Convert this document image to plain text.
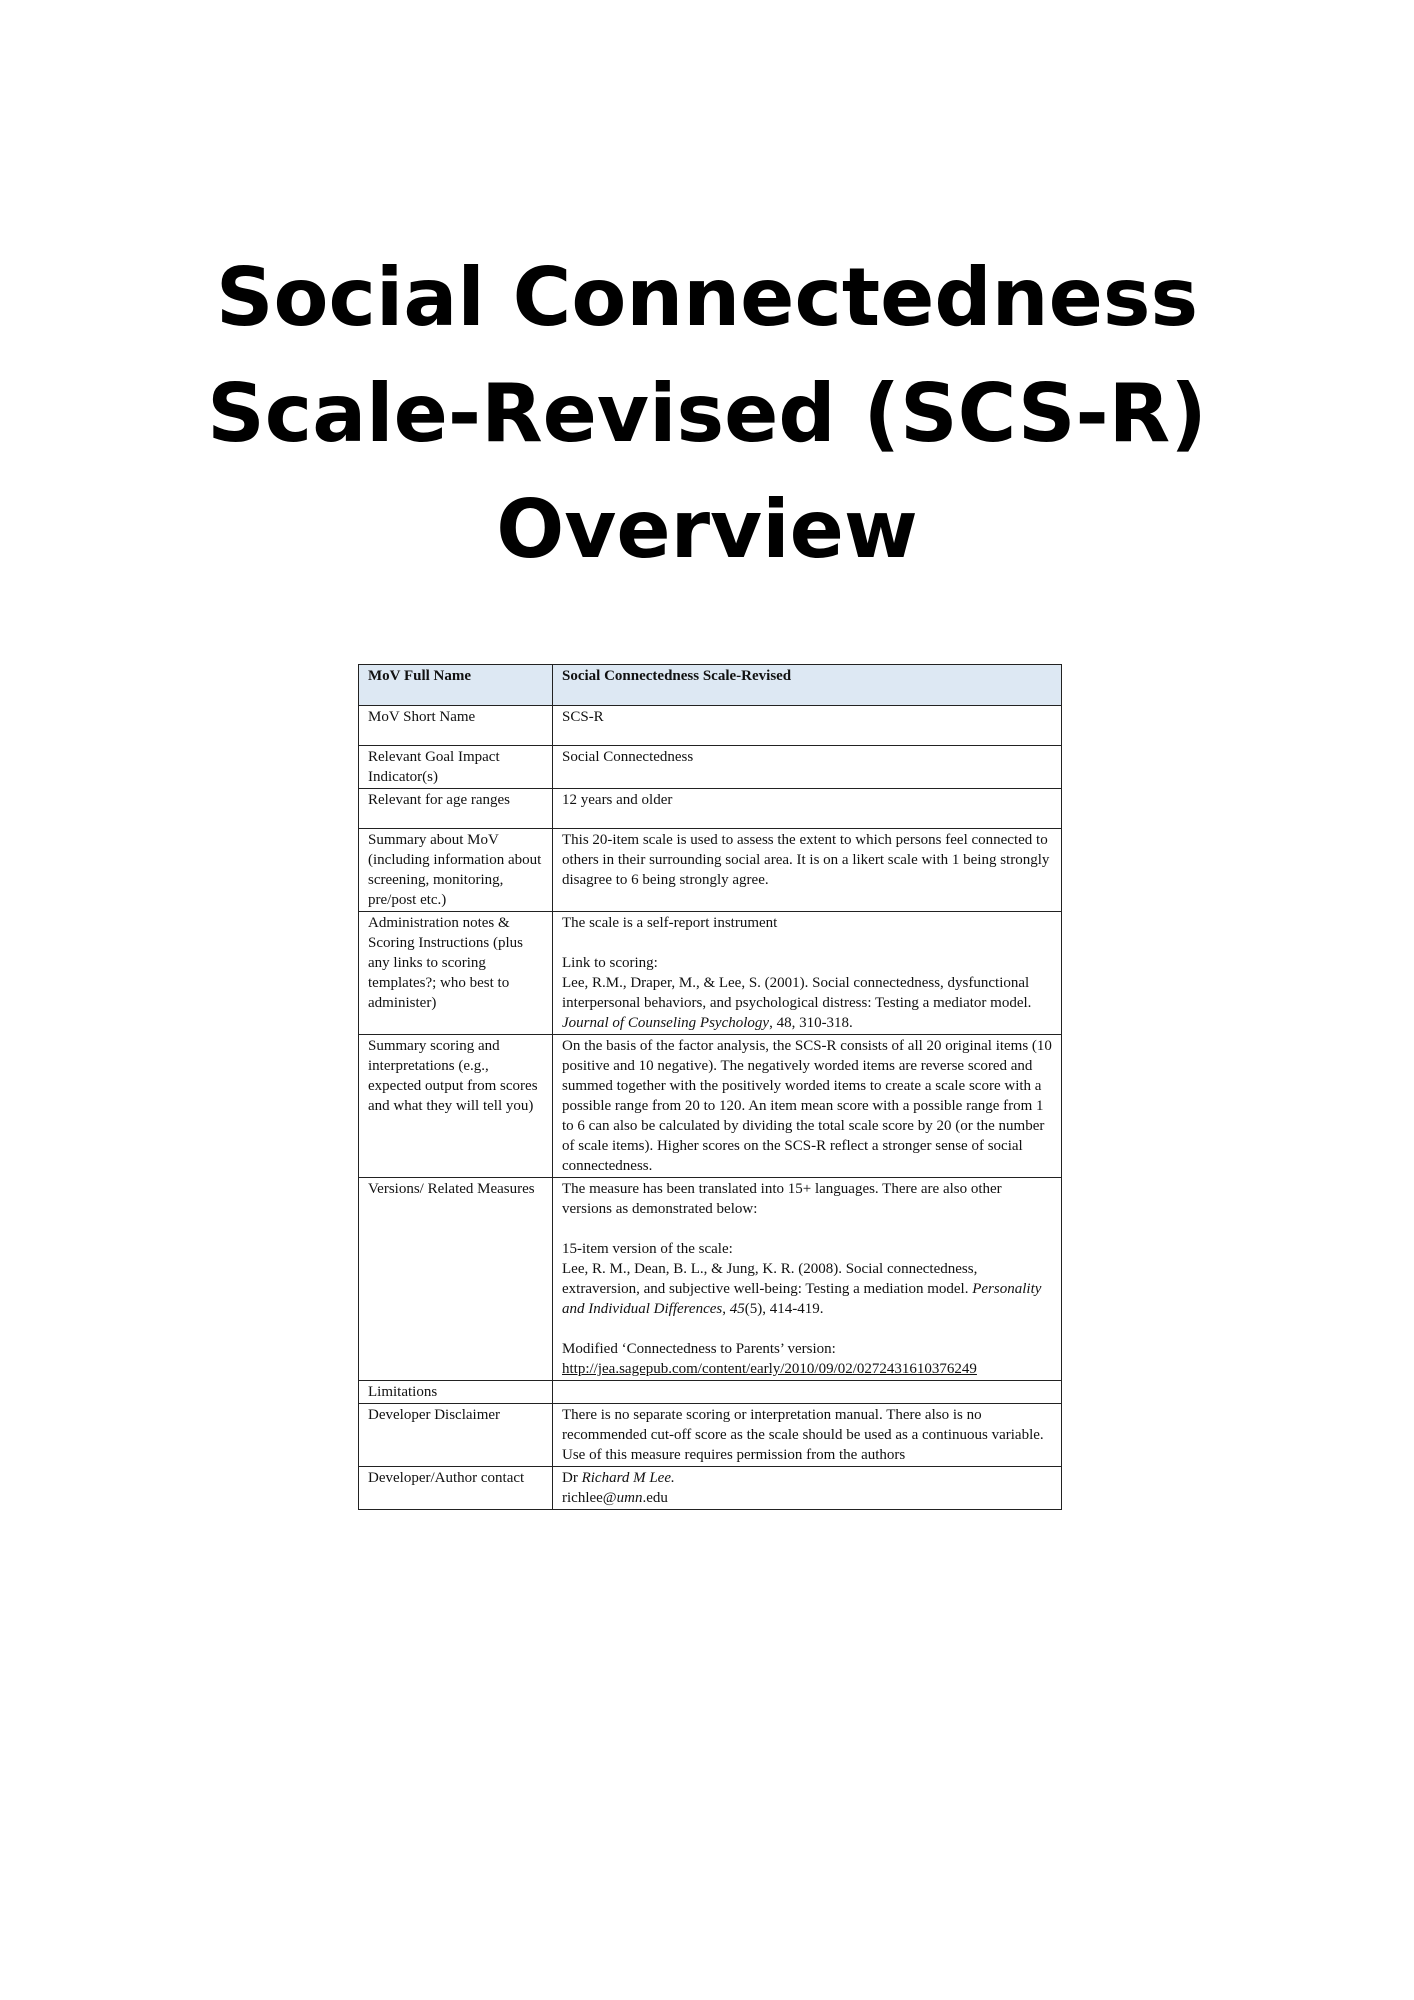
Social Connectedness
Scale-Revised (SCS-R)
Overview
MoV Full Name	Social Connectedness Scale-Revised
MoV Short Name	SCS-R
Relevant Goal Impact Indicator(s)	Social Connectedness
Relevant for age ranges	12 years and older
Summary about MoV (including information about screening, monitoring, pre/post etc.)	This 20-item scale is used to assess the extent to which persons feel connected to others in their surrounding social area. It is on a likert scale with 1 being strongly disagree to 6 being strongly agree.
Administration notes & Scoring Instructions (plus any links to scoring templates?; who best to administer)	The scale is a self-report instrument
Link to scoring:
Lee, R.M., Draper, M., & Lee, S. (2001). Social connectedness, dysfunctional interpersonal behaviors, and psychological distress: Testing a mediator model. Journal of Counseling Psychology, 48, 310-318.

Summary scoring and interpretations (e.g., expected output from scores and what they will tell you)	On the basis of the factor analysis, the SCS-R consists of all 20 original items (10 positive and 10 negative). The negatively worded items are reverse scored and summed together with the positively worded items to create a scale score with a possible range from 20 to 120. An item mean score with a possible range from 1 to 6 can also be calculated by dividing the total scale score by 20 (or the number of scale items). Higher scores on the SCS-R reflect a stronger sense of social connectedness.
Versions/ Related Measures	The measure has been translated into 15+ languages. There are also other versions as demonstrated below:
15-item version of the scale:
Lee, R. M., Dean, B. L., & Jung, K. R. (2008). Social connectedness, extraversion, and subjective well-being: Testing a mediation model. Personality and Individual Differences, 45(5), 414-419.
Modified ‘Connectedness to Parents’ version:
http://jea.sagepub.com/content/early/2010/09/02/0272431610376249

Limitations	
Developer Disclaimer	There is no separate scoring or interpretation manual. There also is no recommended cut-off score as the scale should be used as a continuous variable. Use of this measure requires permission from the authors
Developer/Author contact	Dr Richard M Lee.
richlee@umn.edu
